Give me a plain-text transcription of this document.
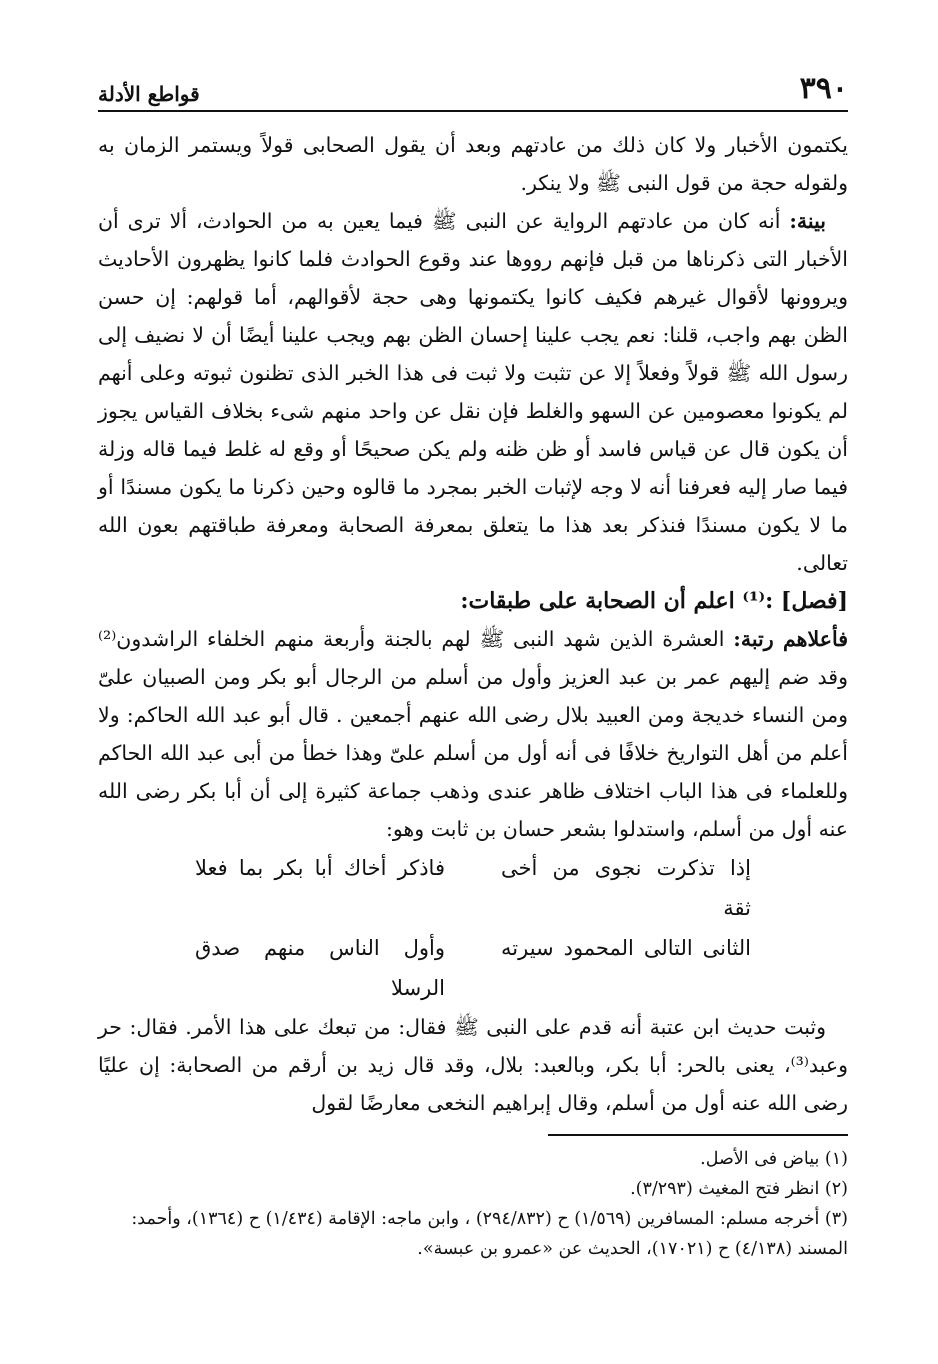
٣٩٠
قواطع الأدلة

يكتمون الأخبار ولا كان ذلك من عادتهم وبعد أن يقول الصحابى قولاً ويستمر الزمان به ولقوله حجة من قول النبى ﷺ ولا ينكر.

بينة: أنه كان من عادتهم الرواية عن النبى ﷺ فيما يعين به من الحوادث، ألا ترى أن الأخبار التى ذكرناها من قبل فإنهم رووها عند وقوع الحوادث فلما كانوا يظهرون الأحاديث ويروونها لأقوال غيرهم فكيف كانوا يكتمونها وهى حجة لأقوالهم، أما قولهم: إن حسن الظن بهم واجب، قلنا: نعم يجب علينا إحسان الظن بهم ويجب علينا أيضًا أن لا نضيف إلى رسول الله ﷺ قولاً وفعلاً إلا عن تثبت ولا ثبت فى هذا الخبر الذى تظنون ثبوته وعلى أنهم لم يكونوا معصومين عن السهو والغلط فإن نقل عن واحد منهم شىء بخلاف القياس يجوز أن يكون قال عن قياس فاسد أو ظن ظنه ولم يكن صحيحًا أو وقع له غلط فيما قاله وزلة فيما صار إليه فعرفنا أنه لا وجه لإثبات الخبر بمجرد ما قالوه وحين ذكرنا ما يكون مسندًا أو ما لا يكون مسندًا فنذكر بعد هذا ما يتعلق بمعرفة الصحابة ومعرفة طباقتهم بعون الله تعالى.

[فصل] :⁽¹⁾ اعلم أن الصحابة على طبقات:

فأعلاهم رتبة: العشرة الذين شهد النبى ﷺ لهم بالجنة وأربعة منهم الخلفاء الراشدون⁽²⁾ وقد ضم إليهم عمر بن عبد العزيز وأول من أسلم من الرجال أبو بكر ومن الصبيان علىّ ومن النساء خديجة ومن العبيد بلال رضى الله عنهم أجمعين . قال أبو عبد الله الحاكم: ولا أعلم من أهل التواريخ خلافًا فى أنه أول من أسلم علىّ وهذا خطأ من أبى عبد الله الحاكم وللعلماء فى هذا الباب اختلاف ظاهر عندى وذهب جماعة كثيرة إلى أن أبا بكر رضى الله عنه أول من أسلم، واستدلوا بشعر حسان بن ثابت وهو:

إذا تذكرت نجوى من أخى ثقة
فاذكر أخاك أبا بكر بما فعلا
الثانى التالى المحمود سيرته
وأول الناس منهم صدق الرسلا

وثبت حديث ابن عتبة أنه قدم على النبى ﷺ فقال: من تبعك على هذا الأمر. فقال: حر وعبد⁽³⁾، يعنى بالحر: أبا بكر، وبالعبد: بلال، وقد قال زيد بن أرقم من الصحابة: إن عليًا رضى الله عنه أول من أسلم، وقال إبراهيم النخعى معارضًا لقول

(١) بياض فى الأصل.

(٢) انظر فتح المغيث (٣/٢٩٣).

(٣) أخرجه مسلم: المسافرين (١/٥٦٩) ح (٢٩٤/٨٣٢) ، وابن ماجه: الإقامة (١/٤٣٤) ح (١٣٦٤)، وأحمد: المسند (٤/١٣٨) ح (١٧٠٢١)، الحديث عن «عمرو بن عبسة».
